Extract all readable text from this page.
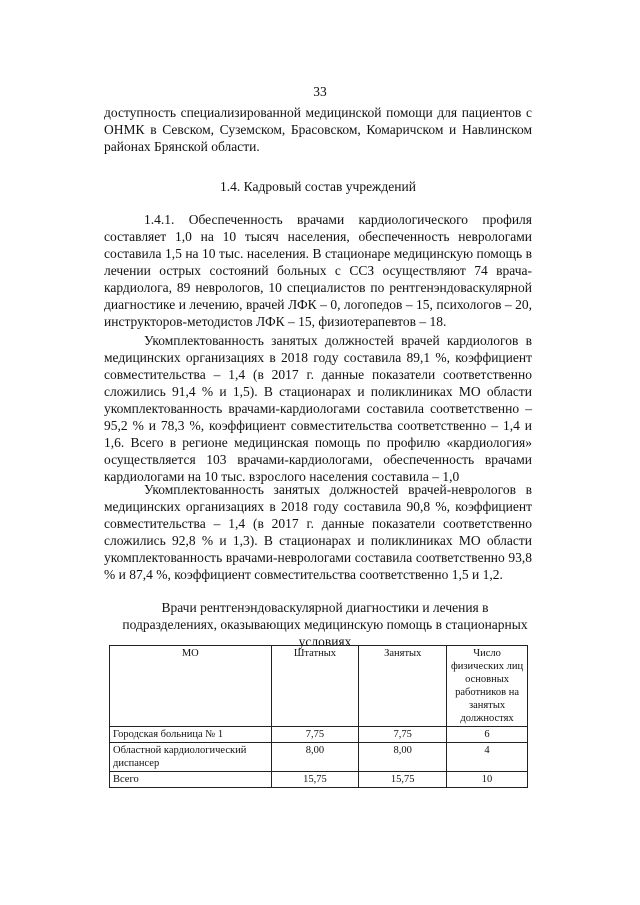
33
доступность специализированной медицинской помощи для пациентов с ОНМК в Севском, Суземском, Брасовском, Комаричском и Навлинском районах Брянской области.
1.4. Кадровый состав учреждений
1.4.1. Обеспеченность врачами кардиологического профиля составляет 1,0 на 10 тысяч населения, обеспеченность неврологами составила 1,5 на 10 тыс. населения. В стационаре медицинскую помощь в лечении острых состояний больных с ССЗ осуществляют 74 врача-кардиолога, 89 неврологов, 10 специалистов по рентгенэндоваскулярной диагностике и лечению, врачей ЛФК – 0, логопедов – 15, психологов – 20, инструкторов-методистов ЛФК – 15, физиотерапевтов – 18.
Укомплектованность занятых должностей врачей кардиологов в медицинских организациях в 2018 году составила 89,1 %, коэффициент совместительства – 1,4 (в 2017 г. данные показатели соответственно сложились 91,4 % и 1,5). В стационарах и поликлиниках МО области укомплектованность врачами-кардиологами составила соответственно – 95,2 % и 78,3 %, коэффициент совместительства соответственно – 1,4 и 1,6. Всего в регионе медицинская помощь по профилю «кардиология» осуществляется 103 врачами-кардиологами, обеспеченность врачами кардиологами на 10 тыс. взрослого населения составила – 1,0
Укомплектованность занятых должностей врачей-неврологов в медицинских организациях в 2018 году составила 90,8 %, коэффициент совместительства – 1,4 (в 2017 г. данные показатели соответственно сложились 92,8 % и 1,3). В стационарах и поликлиниках МО области укомплектованность врачами-неврологами составила соответственно 93,8 % и 87,4 %, коэффициент совместительства соответственно 1,5 и 1,2.
Врачи рентгенэндоваскулярной диагностики и лечения в подразделениях, оказывающих медицинскую помощь в стационарных условиях
МО	Штатных	Занятых	Число физических лиц основных работников на занятых должностях
Городская больница № 1	7,75	7,75	6
Областной кардиологический диспансер	8,00	8,00	4
Всего	15,75	15,75	10
